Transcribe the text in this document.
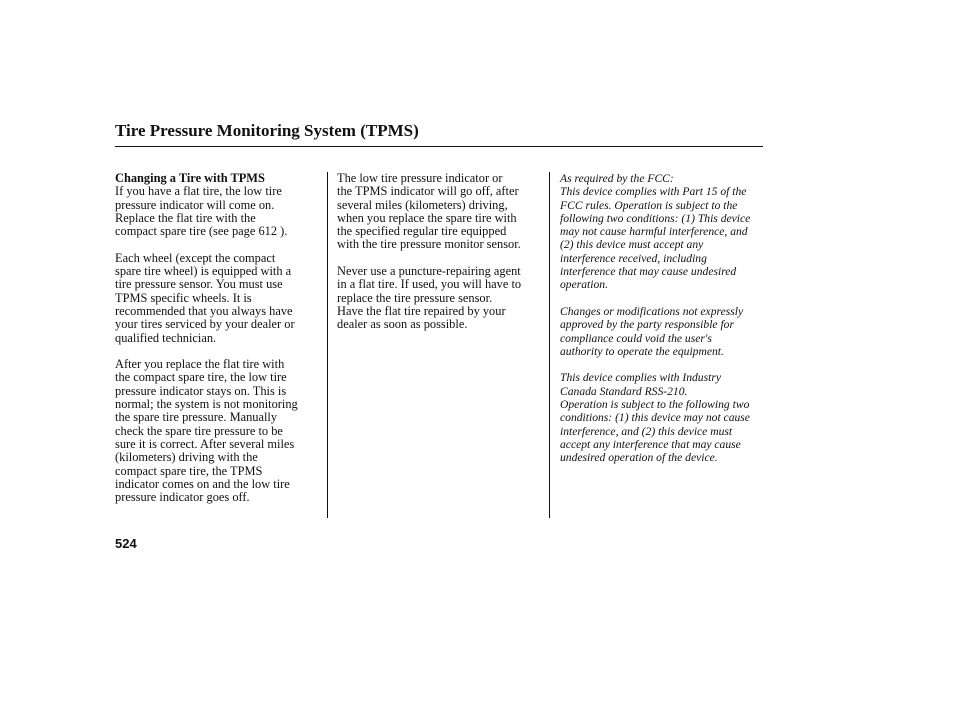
Tire Pressure Monitoring System (TPMS)
Changing a Tire with TPMS
If you have a flat tire, the low tire
pressure indicator will come on.
Replace the flat tire with the
compact spare tire (see page 612 ).
Each wheel (except the compact
spare tire wheel) is equipped with a
tire pressure sensor. You must use
TPMS specific wheels. It is
recommended that you always have
your tires serviced by your dealer or
qualified technician.
After you replace the flat tire with
the compact spare tire, the low tire
pressure indicator stays on. This is
normal; the system is not monitoring
the spare tire pressure. Manually
check the spare tire pressure to be
sure it is correct. After several miles
(kilometers) driving with the
compact spare tire, the TPMS
indicator comes on and the low tire
pressure indicator goes off.
The low tire pressure indicator or
the TPMS indicator will go off, after
several miles (kilometers) driving,
when you replace the spare tire with
the specified regular tire equipped
with the tire pressure monitor sensor.
Never use a puncture-repairing agent
in a flat tire. If used, you will have to
replace the tire pressure sensor.
Have the flat tire repaired by your
dealer as soon as possible.
As required by the FCC:
This device complies with Part 15 of the
FCC rules. Operation is subject to the
following two conditions: (1) This device
may not cause harmful interference, and
(2) this device must accept any
interference received, including
interference that may cause undesired
operation.
Changes or modifications not expressly
approved by the party responsible for
compliance could void the user's
authority to operate the equipment.
This device complies with Industry
Canada Standard RSS-210.
Operation is subject to the following two
conditions: (1) this device may not cause
interference, and (2) this device must
accept any interference that may cause
undesired operation of the device.
524
